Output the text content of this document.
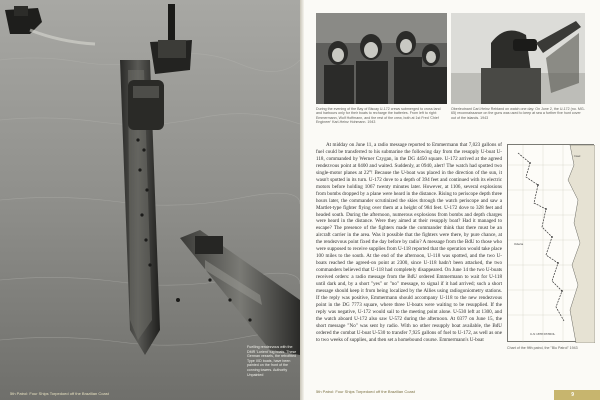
Fuelling rendezvous with the DMR 'Lorient' tug boats. These German vessels, the retrofitted Type IXD boats, have been painted on the front of the conning towers. Authority Unpainted
During the evening of the Bay of Biscay U-172 crews submerged to cross land and harbours only for their boats to recharge the batteries. From left to right: Emmermann, Wolf Hoffmann, and the rest of the crew, both at 1st Fred 'Chief Engineer' Karl-Heinz Hohmann. 1943
Oberleutnant Carl-Heinz Rebland on watch one day: On June 2, the U-172 (no. MG-65) reconnaissance on the guns was used to keep at sea a further five hunt cover out of the islands. 1943

At midday on June 11, a radio message reported to Emmermann that 7,023 gallons of fuel could be transferred to his submarine the following day from the resupply U-boat U-118, commanded by Werner Czygan, in the DG 4450 square. U-172 arrived at the agreed rendezvous point at 0400 and waited. Suddenly, at 0940, alert! The watch had spotted two single-motor planes at 22°! Because the U-boat was placed in the direction of the sun, it wasn't spotted in its turn. U-172 dove to a depth of 394 feet and continued with its electric motors before holding 1067 twenty minutes later. However, at 1106, several explosions from bombs dropped by a plane were heard in the distance. Rising to periscope depth three hours later, the commander scrutinized the skies through the watch periscope and saw a Martlet-type fighter flying over them at a height of 984 feet. U-172 dove to 328 feet and headed south. During the afternoon, numerous explosions from bombs and depth charges were heard in the distance. Were they aimed at their resupply boat? Had it managed to escape? The presence of the fighters made the commander think that there must be an aircraft carrier in the area. Was it possible that the fighters were there, by pure chance, at the rendezvous point fixed the day before by radio? A message from the BdU to those who were supposed to receive supplies from U-118 reported that the operation would take place 100 miles to the south. At the end of the afternoon, U-118 was spotted, and the two U-boats reached the agreed-on point at 2300, since U-118 hadn't been attacked, the two commanders believed that U-118 had completely disappeared. On June 14 the two U-boats received orders: a radio message from the BdU ordered Emmermann to wait for U-118 until dark and, by a short "yes" or "no" message, to signal if it had arrived; such a short message should keep it from being localized by the Allies using radiogoniometry stations. If the reply was positive, Emmermann should accompany U-118 to the new rendezvous point in the DG 7773 square, where three U-boats were waiting to be resupplied. If the reply was negative, U-172 would sail to the meeting point alone. U-530 left at 1300, and the watch aboard U-172 also saw U-572 during the afternoon. At 0377 on June 15, the short message "No" was sent by radio. With no other resupply boat available, the BdU ordered the combat U-boat U-530 to transfer 7,925 gallons of fuel to U-172, as well as one to two weeks of supplies, and then set a homebound course. Emmermann's U-boat

Insel
Oderta
C-N 1878 PATROL
Chart of the fifth patrol, the "Blu Patrol" 1943
5th Patrol: Four Ships Torpedoed off the Brazilian Coast
9
5th Patrol: Four Ships Torpedoed off the Brazilian Coast
